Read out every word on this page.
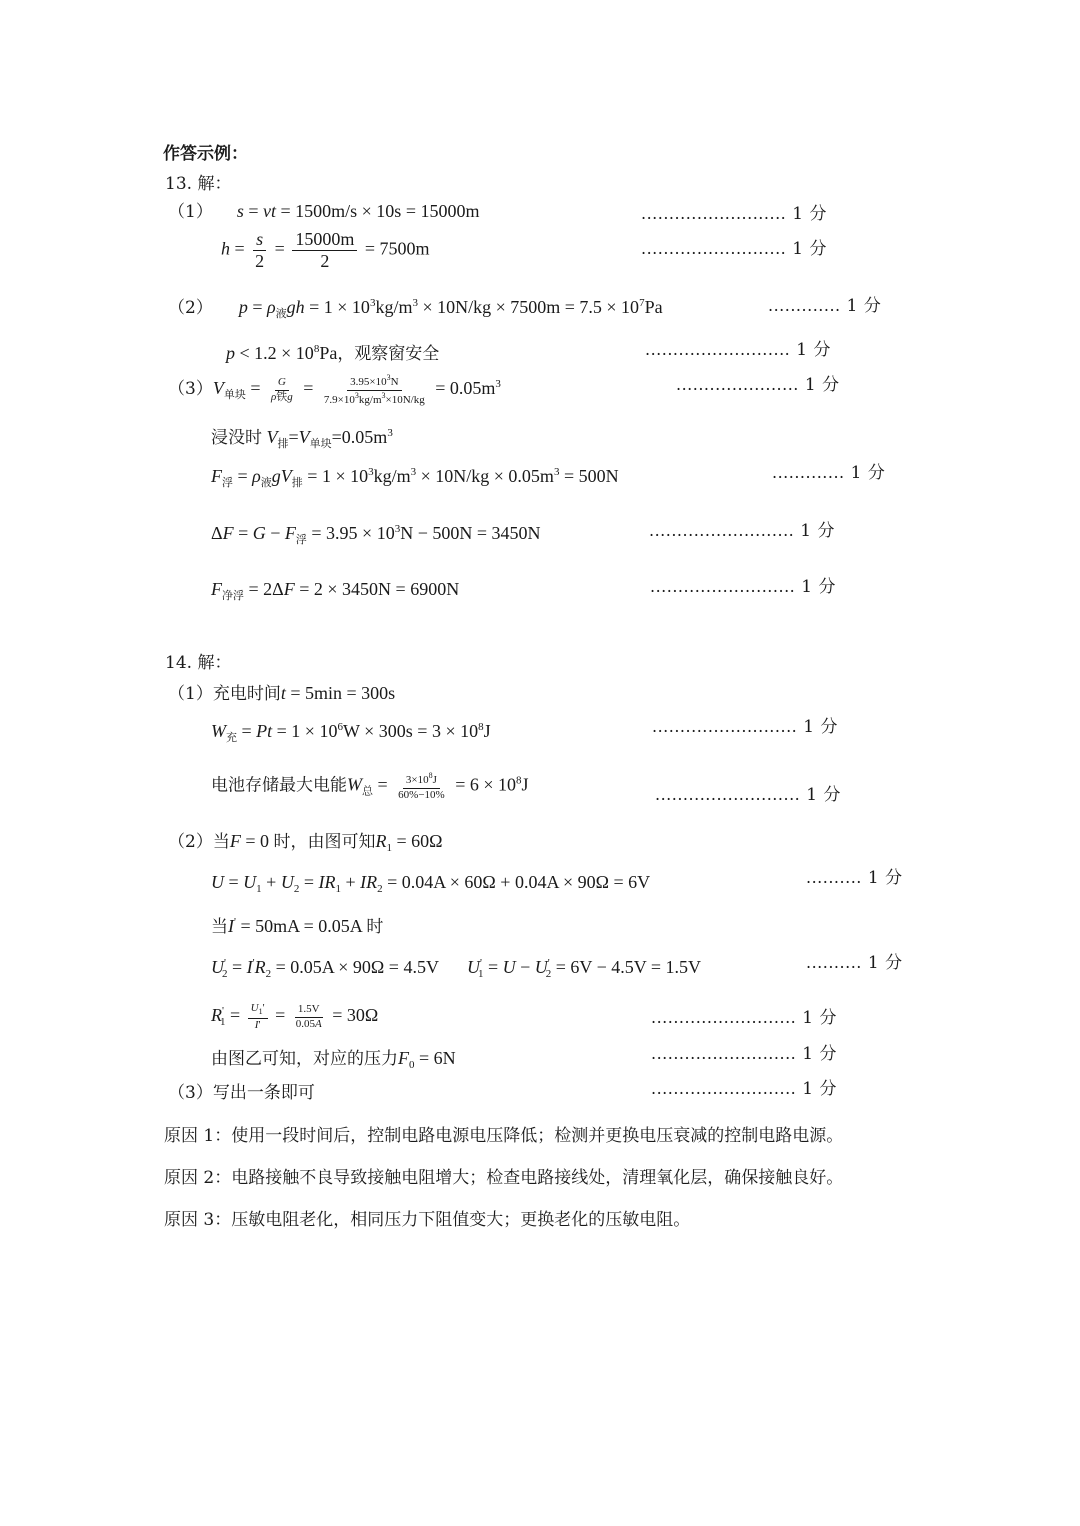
作答示例：
13. 解：
（1） s = vt = 1500m/s × 10s = 15000m	.......................... 1 分
$h = \frac{s}{2} = \frac{15000m}{2} = 7500m$	.......................... 1 分
（2） $p = \rho_液gh = 1 \times 10^3kg/m^3 \times 10N/kg \times 7500m = 7.5 \times 10^7Pa$	............. 1 分
$p < 1.2 \times 10^8Pa$，观察窗安全	.......................... 1 分
$(3)V_{单块} = \frac{G}{\text{ρ铁g}} = \frac{3.95\times 10^3N}{7.9\times 10^3kg/m^3\times 10N/kg} = 0.05m^3$	...................... 1 分
浸没时 $V_排=V_{单块}=0.05m^3$
$F_浮 = \rho_液gV_排 = 1 \times 10^3kg/m^3 \times 10N/kg \times 0.05m^3 = 500N$	............. 1 分
$\Delta F = G - F_浮 = 3.95 \times 10^3N - 500N = 3450N$	.......................... 1 分
$F_{净浮} = 2\Delta F = 2 \times 3450N = 6900N$	.......................... 1 分
14. 解：
（1）充电时间t = 5min = 300s
$W_充 = Pt = 1 \times 10^6W \times 300s = 3 \times 10^8J$	.......................... 1 分
电池存储最大电能$W_总 = \frac{3\times 10^8J}{60\%-10\%} = 6 \times 10^8J$	.......................... 1 分
（2）当F = 0 时，由图可知$R_1 = 60\Omega$
$U = U_1 + U_2 = IR_1 + IR_2 = 0.04A \times 60\Omega + 0.04A \times 90\Omega = 6V$	.......... 1 分
当I' = 50mA = 0.05A 时
$U'_2 = I'R_2 = 0.05A \times 90\Omega = 4.5V$ $U'_1 = U - U'_2 = 6V - 4.5V = 1.5V$	.......... 1 分
$R'_1 = \frac{U_1'}{I'} = \frac{1.5V}{0.05A} = 30\Omega$	.......................... 1 分
由图乙可知，对应的压力$F_0 = 6N$	.......................... 1 分
（3）写出一条即可	.......................... 1 分
原因 1：使用一段时间后，控制电路电源电压降低；检测并更换电压衰减的控制电路电源。
原因 2：电路接触不良导致接触电阻增大；检查电路接线处，清理氧化层，确保接触良好。
原因 3：压敏电阻老化，相同压力下阻值变大；更换老化的压敏电阻。
